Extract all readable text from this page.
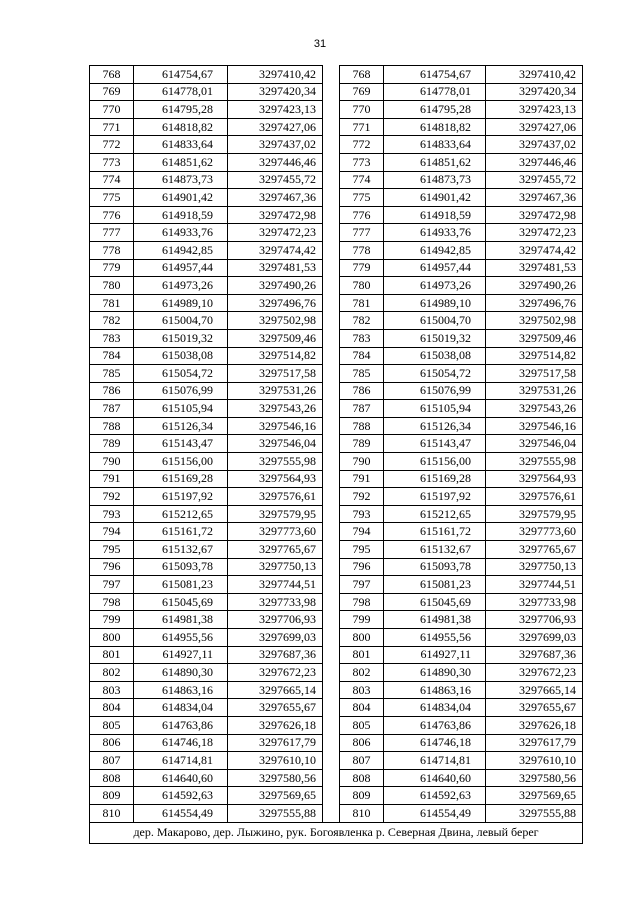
31
768	614754,67	3297410,42		768	614754,67	3297410,42
769	614778,01	3297420,34		769	614778,01	3297420,34
770	614795,28	3297423,13		770	614795,28	3297423,13
771	614818,82	3297427,06		771	614818,82	3297427,06
772	614833,64	3297437,02		772	614833,64	3297437,02
773	614851,62	3297446,46		773	614851,62	3297446,46
774	614873,73	3297455,72		774	614873,73	3297455,72
775	614901,42	3297467,36		775	614901,42	3297467,36
776	614918,59	3297472,98		776	614918,59	3297472,98
777	614933,76	3297472,23		777	614933,76	3297472,23
778	614942,85	3297474,42		778	614942,85	3297474,42
779	614957,44	3297481,53		779	614957,44	3297481,53
780	614973,26	3297490,26		780	614973,26	3297490,26
781	614989,10	3297496,76		781	614989,10	3297496,76
782	615004,70	3297502,98		782	615004,70	3297502,98
783	615019,32	3297509,46		783	615019,32	3297509,46
784	615038,08	3297514,82		784	615038,08	3297514,82
785	615054,72	3297517,58		785	615054,72	3297517,58
786	615076,99	3297531,26		786	615076,99	3297531,26
787	615105,94	3297543,26		787	615105,94	3297543,26
788	615126,34	3297546,16		788	615126,34	3297546,16
789	615143,47	3297546,04		789	615143,47	3297546,04
790	615156,00	3297555,98		790	615156,00	3297555,98
791	615169,28	3297564,93		791	615169,28	3297564,93
792	615197,92	3297576,61		792	615197,92	3297576,61
793	615212,65	3297579,95		793	615212,65	3297579,95
794	615161,72	3297773,60		794	615161,72	3297773,60
795	615132,67	3297765,67		795	615132,67	3297765,67
796	615093,78	3297750,13		796	615093,78	3297750,13
797	615081,23	3297744,51		797	615081,23	3297744,51
798	615045,69	3297733,98		798	615045,69	3297733,98
799	614981,38	3297706,93		799	614981,38	3297706,93
800	614955,56	3297699,03		800	614955,56	3297699,03
801	614927,11	3297687,36		801	614927,11	3297687,36
802	614890,30	3297672,23		802	614890,30	3297672,23
803	614863,16	3297665,14		803	614863,16	3297665,14
804	614834,04	3297655,67		804	614834,04	3297655,67
805	614763,86	3297626,18		805	614763,86	3297626,18
806	614746,18	3297617,79		806	614746,18	3297617,79
807	614714,81	3297610,10		807	614714,81	3297610,10
808	614640,60	3297580,56		808	614640,60	3297580,56
809	614592,63	3297569,65		809	614592,63	3297569,65
810	614554,49	3297555,88		810	614554,49	3297555,88
дер. Макарово, дер. Лыжино, рук. Богоявленка р. Северная Двина, левый берег						
